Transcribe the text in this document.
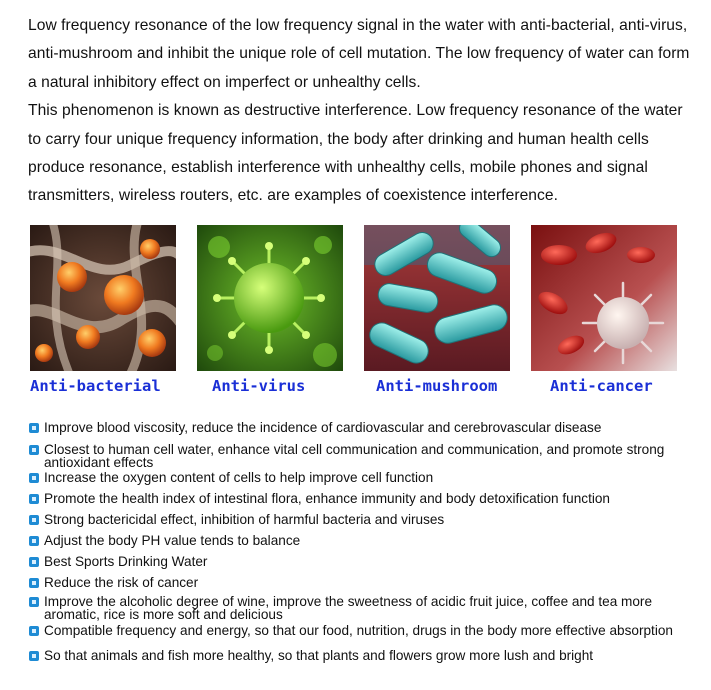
Low frequency resonance of the low frequency signal in the water with anti-bacterial, anti-virus, anti-mushroom and inhibit the unique role of cell mutation. The low frequency of water can form a natural inhibitory effect on imperfect or unhealthy cells.

This phenomenon is known as destructive interference. Low frequency resonance of the water to carry four unique frequency information, the body after drinking and human health cells produce resonance, establish interference with unhealthy cells, mobile phones and signal transmitters, wireless routers, etc. are examples of coexistence interference.

Anti-bacterial	Anti-virus	Anti-mushroom	Anti-cancer
Improve blood viscosity, reduce the incidence of cardiovascular and cerebrovascular disease
Closest to human cell water, enhance vital cell communication and communication, and promote strong antioxidant effects
Increase the oxygen content of cells to help improve cell function
Promote the health index of intestinal flora, enhance immunity and body detoxification function
Strong bactericidal effect, inhibition of harmful bacteria and viruses
Adjust the body PH value tends to balance
Best Sports Drinking Water
Reduce the risk of cancer
Improve the alcoholic degree of wine, improve the sweetness of acidic fruit juice, coffee and tea more aromatic, rice is more soft and delicious
Compatible frequency and energy, so that our food, nutrition, drugs in the body more effective absorption
So that animals and fish more healthy, so that plants and flowers grow more lush and bright
